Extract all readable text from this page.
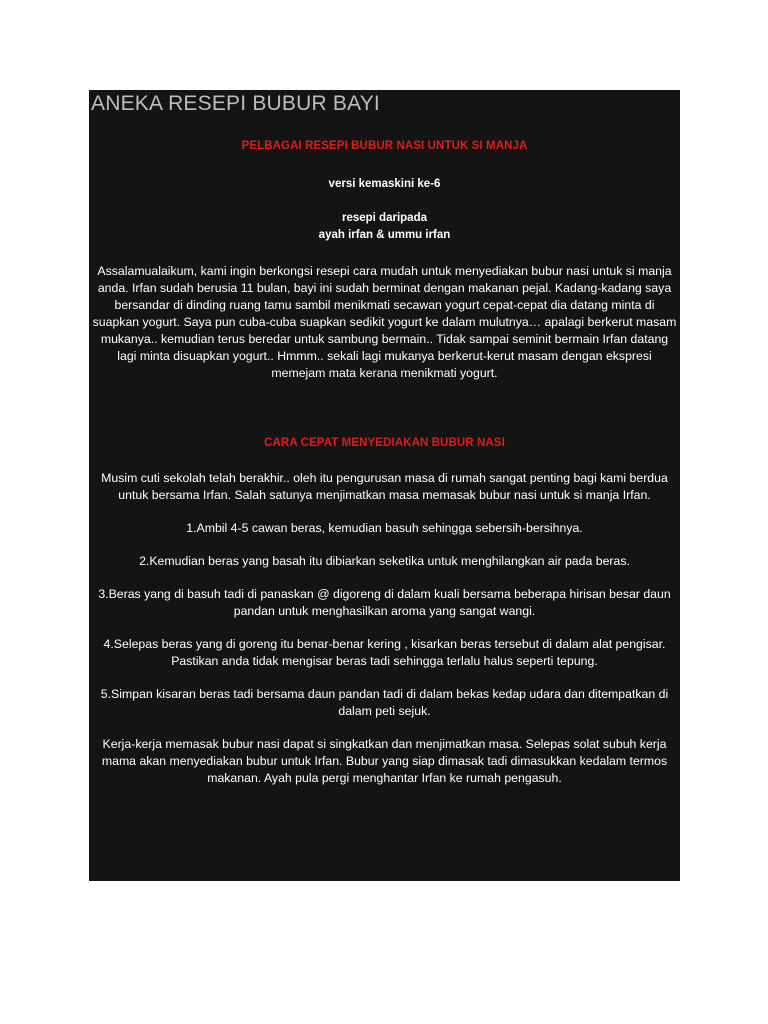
ANEKA RESEPI BUBUR BAYI

PELBAGAI RESEPI BUBUR NASI UNTUK SI MANJA

versi kemaskini ke-6

resepi daripada

ayah irfan & ummu irfan

Assalamualaikum, kami ingin berkongsi resepi cara mudah untuk menyediakan bubur nasi untuk si manja anda. Irfan sudah berusia 11 bulan, bayi ini sudah berminat dengan makanan pejal. Kadang-kadang saya bersandar di dinding ruang tamu sambil menikmati secawan yogurt cepat-cepat dia datang minta di suapkan yogurt. Saya pun cuba-cuba suapkan sedikit yogurt ke dalam mulutnya… apalagi berkerut masam mukanya.. kemudian terus beredar untuk sambung bermain.. Tidak sampai seminit bermain Irfan datang lagi minta disuapkan yogurt.. Hmmm.. sekali lagi mukanya berkerut-kerut masam dengan ekspresi memejam mata kerana menikmati yogurt.

CARA CEPAT MENYEDIAKAN BUBUR NASI

Musim cuti sekolah telah berakhir.. oleh itu pengurusan masa di rumah sangat penting bagi kami berdua untuk bersama Irfan. Salah satunya menjimatkan masa memasak bubur nasi untuk si manja Irfan.

1.Ambil 4-5 cawan beras, kemudian basuh sehingga sebersih-bersihnya.

2.Kemudian beras yang basah itu dibiarkan seketika untuk menghilangkan air pada beras.

3.Beras yang di basuh tadi di panaskan @ digoreng di dalam kuali bersama beberapa hirisan besar daun pandan untuk menghasilkan aroma yang sangat wangi.

4.Selepas beras yang di goreng itu benar-benar kering , kisarkan beras tersebut di dalam alat pengisar. Pastikan anda tidak mengisar beras tadi sehingga terlalu halus seperti tepung.

5.Simpan kisaran beras tadi bersama daun pandan tadi di dalam bekas kedap udara dan ditempatkan di dalam peti sejuk.

Kerja-kerja memasak bubur nasi dapat si singkatkan dan menjimatkan masa. Selepas solat subuh kerja mama akan menyediakan bubur untuk Irfan. Bubur yang siap dimasak tadi dimasukkan kedalam termos makanan. Ayah pula pergi menghantar Irfan ke rumah pengasuh.
